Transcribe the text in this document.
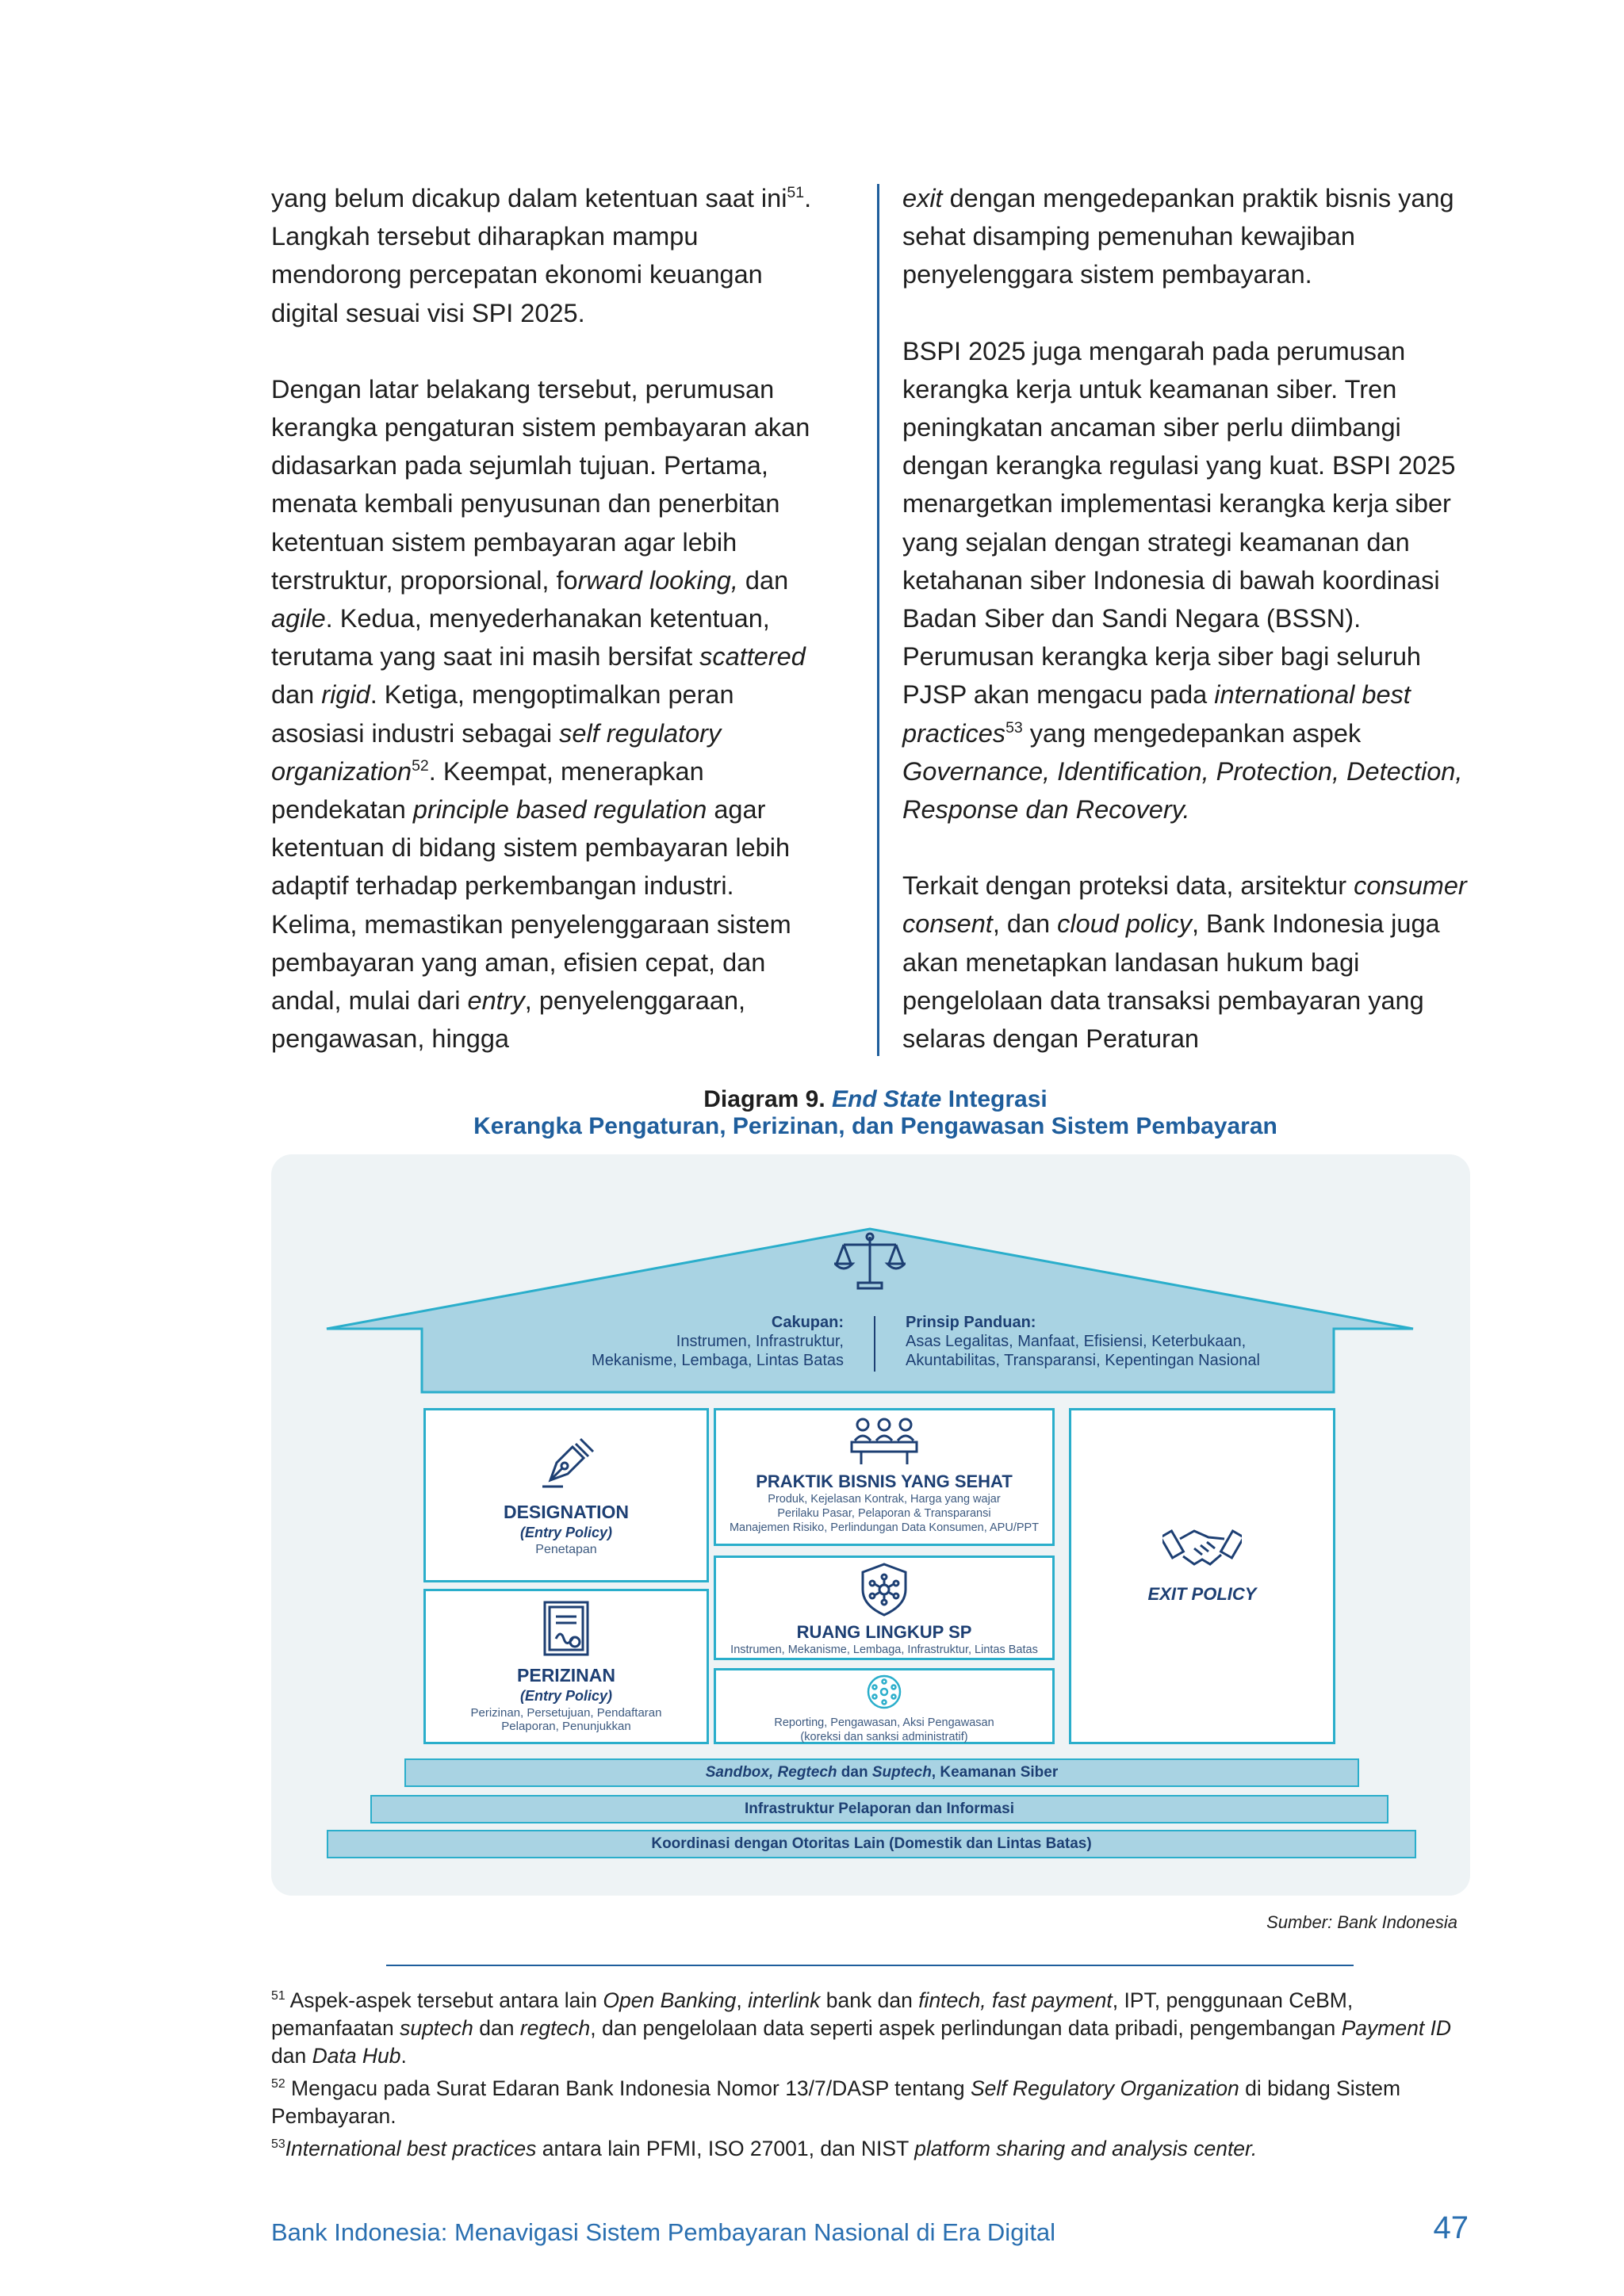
yang belum dicakup dalam ketentuan saat ini$^{51}$. Langkah tersebut diharapkan mampu mendorong percepatan ekonomi keuangan digital sesuai visi SPI 2025.

Dengan latar belakang tersebut, perumusan kerangka pengaturan sistem pembayaran akan didasarkan pada sejumlah tujuan. Pertama, menata kembali penyusunan dan penerbitan ketentuan sistem pembayaran agar lebih terstruktur, proporsional, forward looking, dan agile. Kedua, menyederhanakan ketentuan, terutama yang saat ini masih bersifat scattered dan rigid. Ketiga, mengoptimalkan peran asosiasi industri sebagai self regulatory organization$^{52}$. Keempat, menerapkan pendekatan principle based regulation agar ketentuan di bidang sistem pembayaran lebih adaptif terhadap perkembangan industri. Kelima, memastikan penyelenggaraan sistem pembayaran yang aman, efisien cepat, dan andal, mulai dari entry, penyelenggaraan, pengawasan, hingga

exit dengan mengedepankan praktik bisnis yang sehat disamping pemenuhan kewajiban penyelenggara sistem pembayaran.

BSPI 2025 juga mengarah pada perumusan kerangka kerja untuk keamanan siber. Tren peningkatan ancaman siber perlu diimbangi dengan kerangka regulasi yang kuat. BSPI 2025 menargetkan implementasi kerangka kerja siber yang sejalan dengan strategi keamanan dan ketahanan siber Indonesia di bawah koordinasi Badan Siber dan Sandi Negara (BSSN). Perumusan kerangka kerja siber bagi seluruh PJSP akan mengacu pada international best practices$^{53}$ yang mengedepankan aspek Governance, Identification, Protection, Detection, Response dan Recovery.

Terkait dengan proteksi data, arsitektur consumer consent, dan cloud policy, Bank Indonesia juga akan menetapkan landasan hukum bagi pengelolaan data transaksi pembayaran yang selaras dengan Peraturan

Diagram 9. End State Integrasi
Kerangka Pengaturan, Perizinan, dan Pengawasan Sistem Pembayaran
Cakupan:
Instrumen, Infrastruktur,
Mekanisme, Lembaga, Lintas Batas
Prinsip Panduan:
Asas Legalitas, Manfaat, Efisiensi, Keterbukaan,
Akuntabilitas, Transparansi, Kepentingan Nasional
DESIGNATION
(Entry Policy)
Penetapan
PERIZINAN
(Entry Policy)
Perizinan, Persetujuan, Pendaftaran
Pelaporan, Penunjukkan
PRAKTIK BISNIS YANG SEHAT
Produk, Kejelasan Kontrak, Harga yang wajar
Perilaku Pasar, Pelaporan & Transparansi
Manajemen Risiko, Perlindungan Data Konsumen, APU/PPT
RUANG LINGKUP SP
Instrumen, Mekanisme, Lembaga, Infrastruktur, Lintas Batas
Reporting, Pengawasan, Aksi Pengawasan
(koreksi dan sanksi administratif)
EXIT POLICY
Sandbox, Regtech dan Suptech, Keamanan Siber
Infrastruktur Pelaporan dan Informasi
Koordinasi dengan Otoritas Lain (Domestik dan Lintas Batas)
Sumber: Bank Indonesia
$^{51}$ Aspek-aspek tersebut antara lain Open Banking, interlink bank dan fintech, fast payment, IPT, penggunaan CeBM, pemanfaatan suptech dan regtech, dan pengelolaan data seperti aspek perlindungan data pribadi, pengembangan Payment ID dan Data Hub.
$^{52}$ Mengacu pada Surat Edaran Bank Indonesia Nomor 13/7/DASP tentang Self Regulatory Organization di bidang Sistem Pembayaran.
$^{53}$International best practices antara lain PFMI, ISO 27001, dan NIST platform sharing and analysis center.
Bank Indonesia: Menavigasi Sistem Pembayaran Nasional di Era Digital	47
